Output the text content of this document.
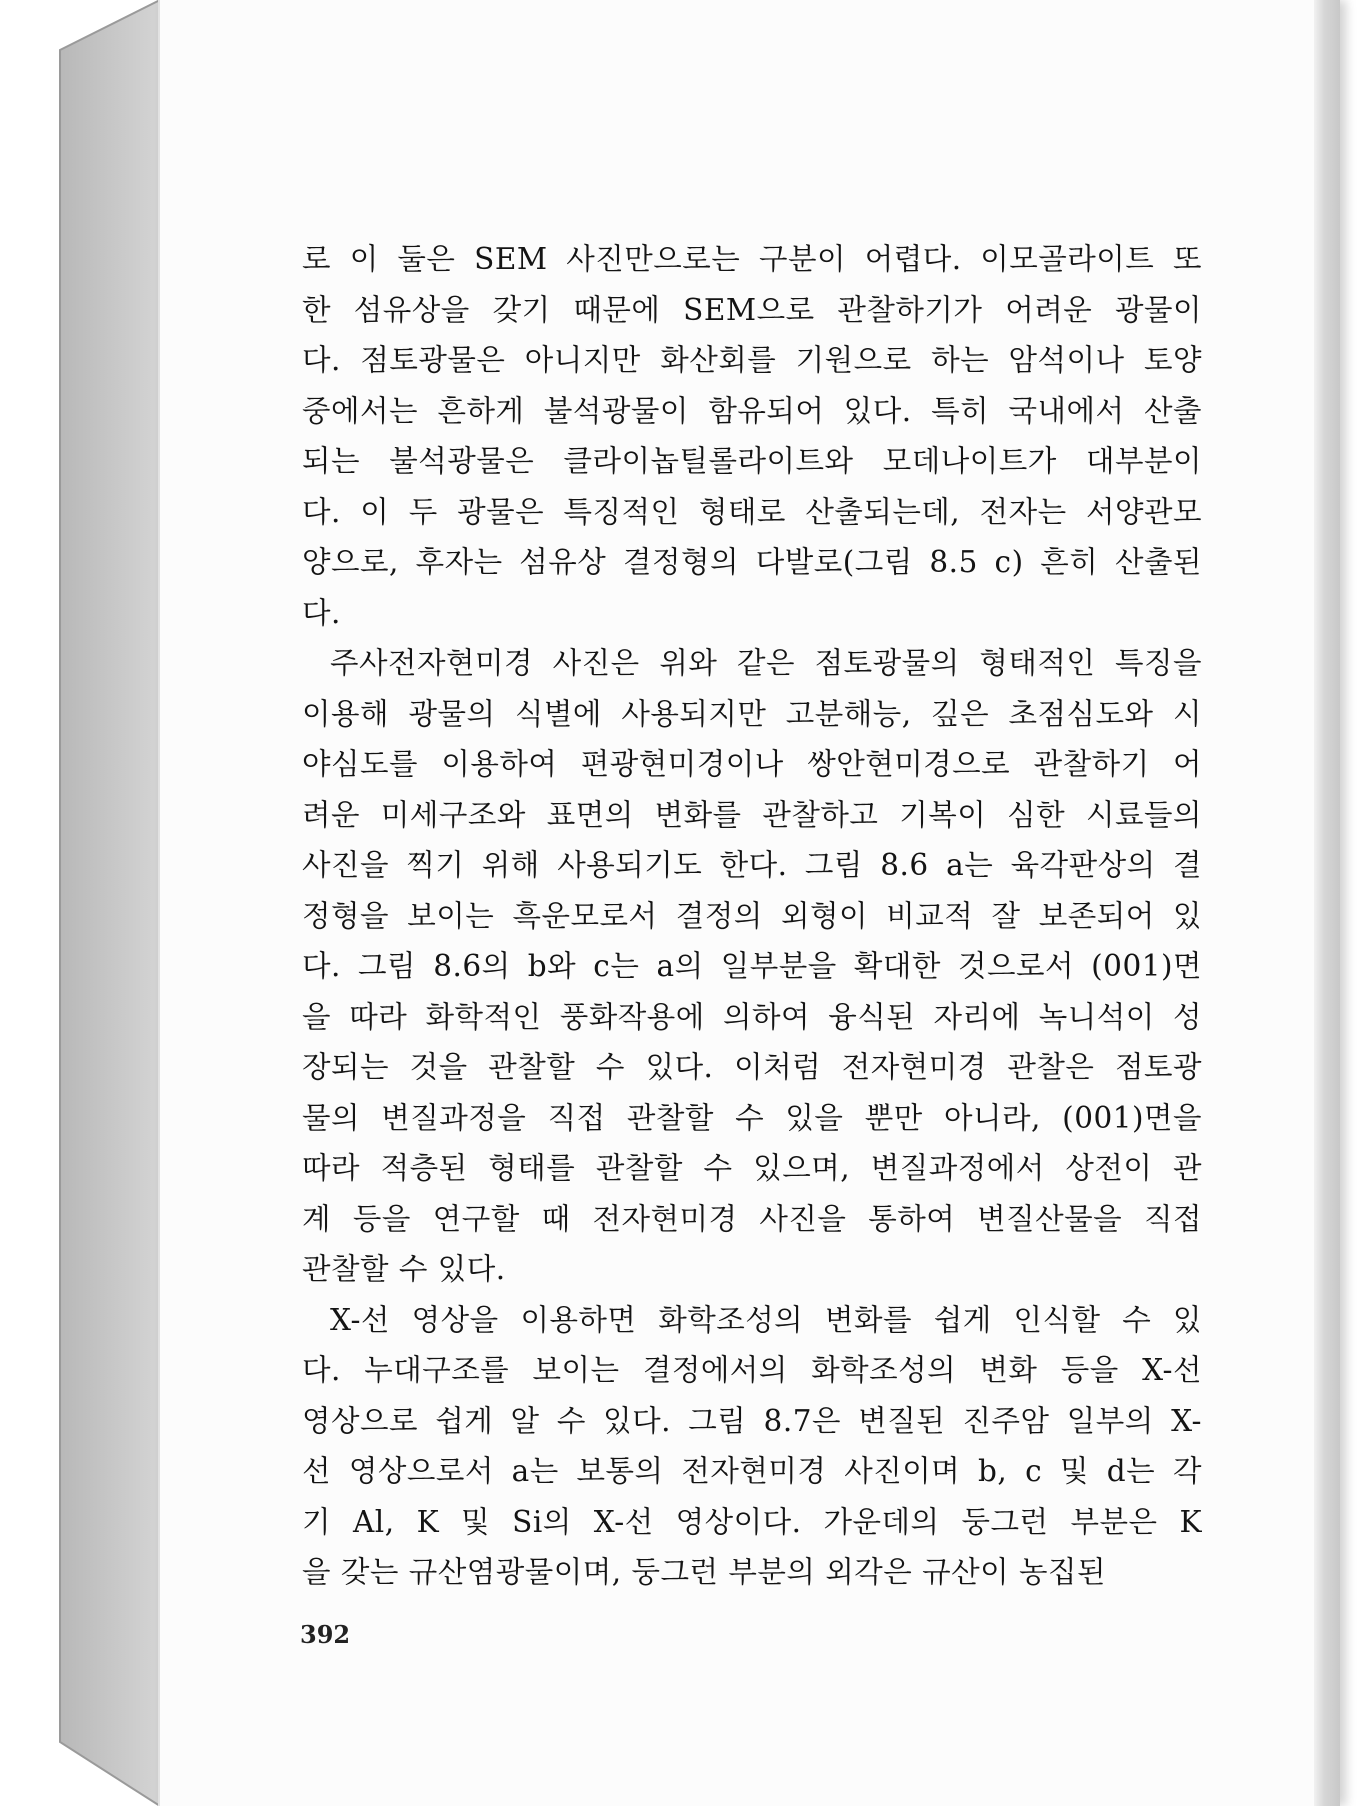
로 이 둘은 SEM 사진만으로는 구분이 어렵다. 이모골라이트 또
한 섬유상을 갖기 때문에 SEM으로 관찰하기가 어려운 광물이
다. 점토광물은 아니지만 화산회를 기원으로 하는 암석이나 토양
중에서는 흔하게 불석광물이 함유되어 있다. 특히 국내에서 산출
되는 불석광물은 클라이놉틸롤라이트와 모데나이트가 대부분이
다. 이 두 광물은 특징적인 형태로 산출되는데, 전자는 서양관모
양으로, 후자는 섬유상 결정형의 다발로(그림 8.5 c) 흔히 산출된
다.
주사전자현미경 사진은 위와 같은 점토광물의 형태적인 특징을
이용해 광물의 식별에 사용되지만 고분해능, 깊은 초점심도와 시
야심도를 이용하여 편광현미경이나 쌍안현미경으로 관찰하기 어
려운 미세구조와 표면의 변화를 관찰하고 기복이 심한 시료들의
사진을 찍기 위해 사용되기도 한다. 그림 8.6 a는 육각판상의 결
정형을 보이는 흑운모로서 결정의 외형이 비교적 잘 보존되어 있
다. 그림 8.6의 b와 c는 a의 일부분을 확대한 것으로서 (001)면
을 따라 화학적인 풍화작용에 의하여 융식된 자리에 녹니석이 성
장되는 것을 관찰할 수 있다. 이처럼 전자현미경 관찰은 점토광
물의 변질과정을 직접 관찰할 수 있을 뿐만 아니라, (001)면을
따라 적층된 형태를 관찰할 수 있으며, 변질과정에서 상전이 관
계 등을 연구할 때 전자현미경 사진을 통하여 변질산물을 직접
관찰할 수 있다.
X-선 영상을 이용하면 화학조성의 변화를 쉽게 인식할 수 있
다. 누대구조를 보이는 결정에서의 화학조성의 변화 등을 X-선
영상으로 쉽게 알 수 있다. 그림 8.7은 변질된 진주암 일부의 X-
선 영상으로서 a는 보통의 전자현미경 사진이며 b, c 및 d는 각
기 Al, K 및 Si의 X-선 영상이다. 가운데의 둥그런 부분은 K
을 갖는 규산염광물이며, 둥그런 부분의 외각은 규산이 농집된
392
